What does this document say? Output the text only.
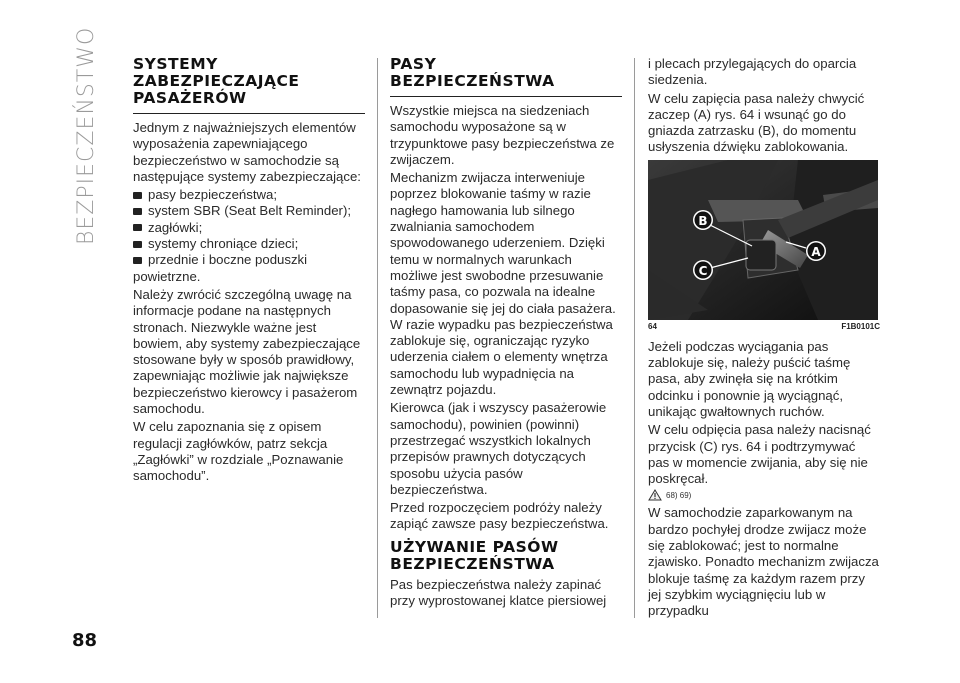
BEZPIECZEŃSTWO
88
SYSTEMY
ZABEZPIECZAJĄCE
PASAŻERÓW

Jednym z najważniejszych elementów wyposażenia zapewniającego bezpieczeństwo w samochodzie są następujące systemy zabezpieczające:

pasy bezpieczeństwa;
system SBR (Seat Belt Reminder);
zagłówki;
systemy chroniące dzieci;
przednie i boczne poduszki

powietrzne.

Należy zwrócić szczególną uwagę na informacje podane na następnych stronach. Niezwykle ważne jest bowiem, aby systemy zabezpieczające stosowane były w sposób prawidłowy, zapewniając możliwie jak największe bezpieczeństwo kierowcy i pasażerom samochodu.

W celu zapoznania się z opisem regulacji zagłówków, patrz sekcja „Zagłówki” w rozdziale „Poznawanie samochodu”.

PASY
BEZPIECZEŃSTWA

Wszystkie miejsca na siedzeniach samochodu wyposażone są w trzypunktowe pasy bezpieczeństwa ze zwijaczem.

Mechanizm zwijacza interweniuje poprzez blokowanie taśmy w razie nagłego hamowania lub silnego zwalniania samochodem spowodowanego uderzeniem. Dzięki temu w normalnych warunkach możliwe jest swobodne przesuwanie taśmy pasa, co pozwala na idealne dopasowanie się jej do ciała pasażera. W razie wypadku pas bezpieczeństwa zablokuje się, ograniczając ryzyko uderzenia ciałem o elementy wnętrza samochodu lub wypadnięcia na zewnątrz pojazdu.

Kierowca (jak i wszyscy pasażerowie samochodu), powinien (powinni) przestrzegać wszystkich lokalnych przepisów prawnych dotyczących sposobu użycia pasów bezpieczeństwa.

Przed rozpoczęciem podróży należy zapiąć zawsze pasy bezpieczeństwa.

UŻYWANIE PASÓW
BEZPIECZEŃSTWA

Pas bezpieczeństwa należy zapinać przy wyprostowanej klatce piersiowej

i plecach przylegających do oparcia siedzenia.

W celu zapięcia pasa należy chwycić zaczep (A) rys. 64 i wsunąć go do gniazda zatrzasku (B), do momentu usłyszenia dźwięku zablokowania.

B
A
C
64	F1B0101C

Jeżeli podczas wyciągania pas zablokuje się, należy puścić taśmę pasa, aby zwinęła się na krótkim odcinku i ponownie ją wyciągnąć, unikając gwałtownych ruchów.

W celu odpięcia pasa należy nacisnąć przycisk (C) rys. 64 i podtrzymywać pas w momencie zwijania, aby się nie poskręcał.

68) 69)

W samochodzie zaparkowanym na bardzo pochyłej drodze zwijacz może się zablokować; jest to normalne zjawisko. Ponadto mechanizm zwijacza blokuje taśmę za każdym razem przy jej szybkim wyciągnięciu lub w przypadku
